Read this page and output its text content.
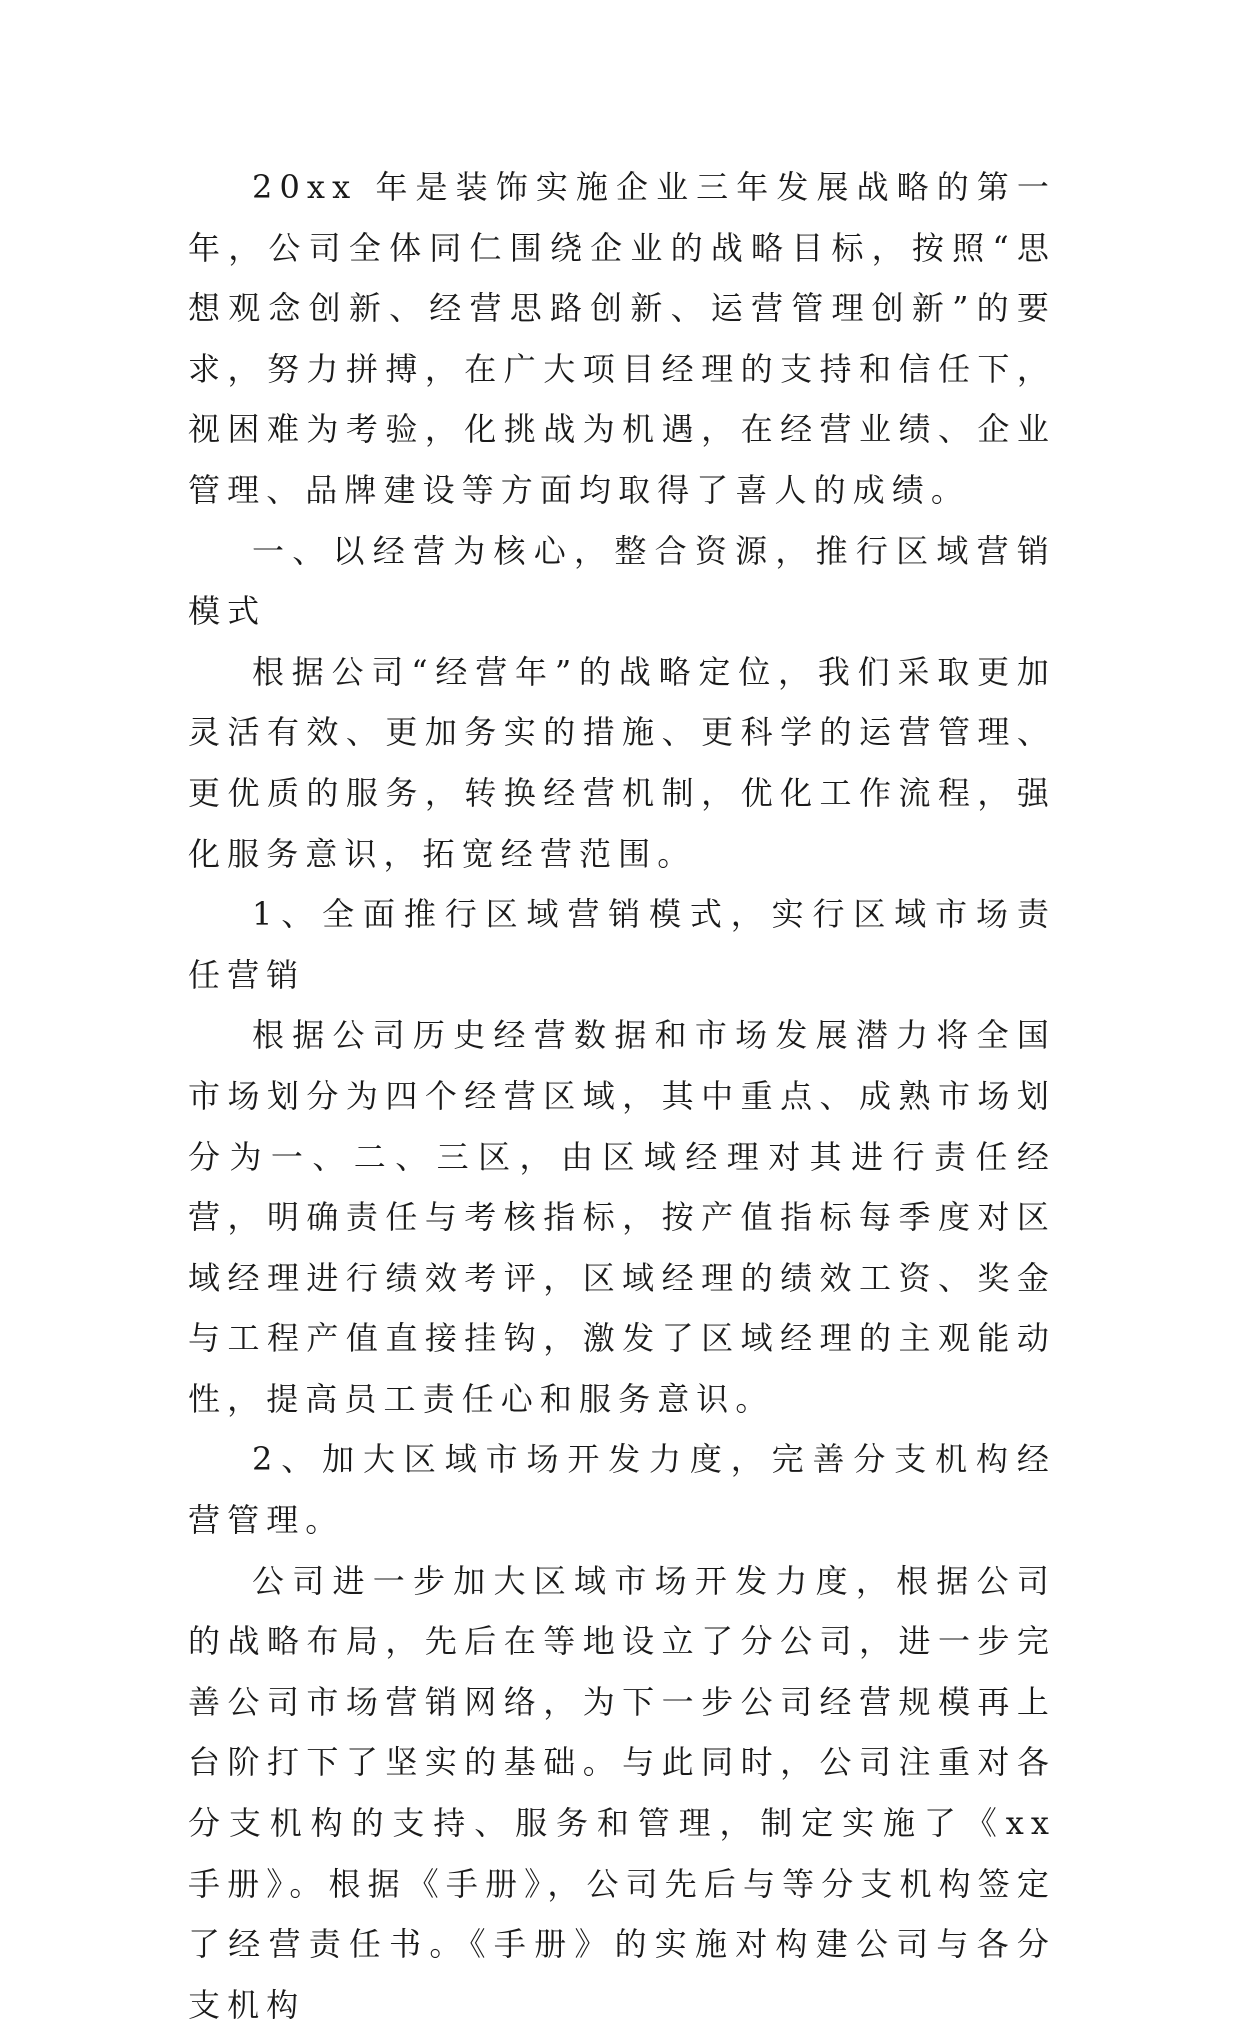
20xx 年是装饰实施企业三年发展战略的第一年，公司全体同仁围绕企业的战略目标，按照“思想观念创新、经营思路创新、运营管理创新”的要求，努力拼搏，在广大项目经理的支持和信任下，视困难为考验，化挑战为机遇，在经营业绩、企业管理、品牌建设等方面均取得了喜人的成绩。

一、以经营为核心，整合资源，推行区域营销模式

根据公司“经营年”的战略定位，我们采取更加灵活有效、更加务实的措施、更科学的运营管理、更优质的服务，转换经营机制，优化工作流程，强化服务意识，拓宽经营范围。

1、全面推行区域营销模式，实行区域市场责任营销

根据公司历史经营数据和市场发展潜力将全国市场划分为四个经营区域，其中重点、成熟市场划分为一、二、三区，由区域经理对其进行责任经营，明确责任与考核指标，按产值指标每季度对区域经理进行绩效考评，区域经理的绩效工资、奖金与工程产值直接挂钩，激发了区域经理的主观能动性，提高员工责任心和服务意识。

2、加大区域市场开发力度，完善分支机构经营管理。

公司进一步加大区域市场开发力度，根据公司的战略布局，先后在等地设立了分公司，进一步完善公司市场营销网络，为下一步公司经营规模再上台阶打下了坚实的基础。与此同时，公司注重对各分支机构的支持、服务和管理，制定实施了《xx 手册》。根据《手册》，公司先后与等分支机构签定了经营责任书。《手册》的实施对构建公司与各分支机构
